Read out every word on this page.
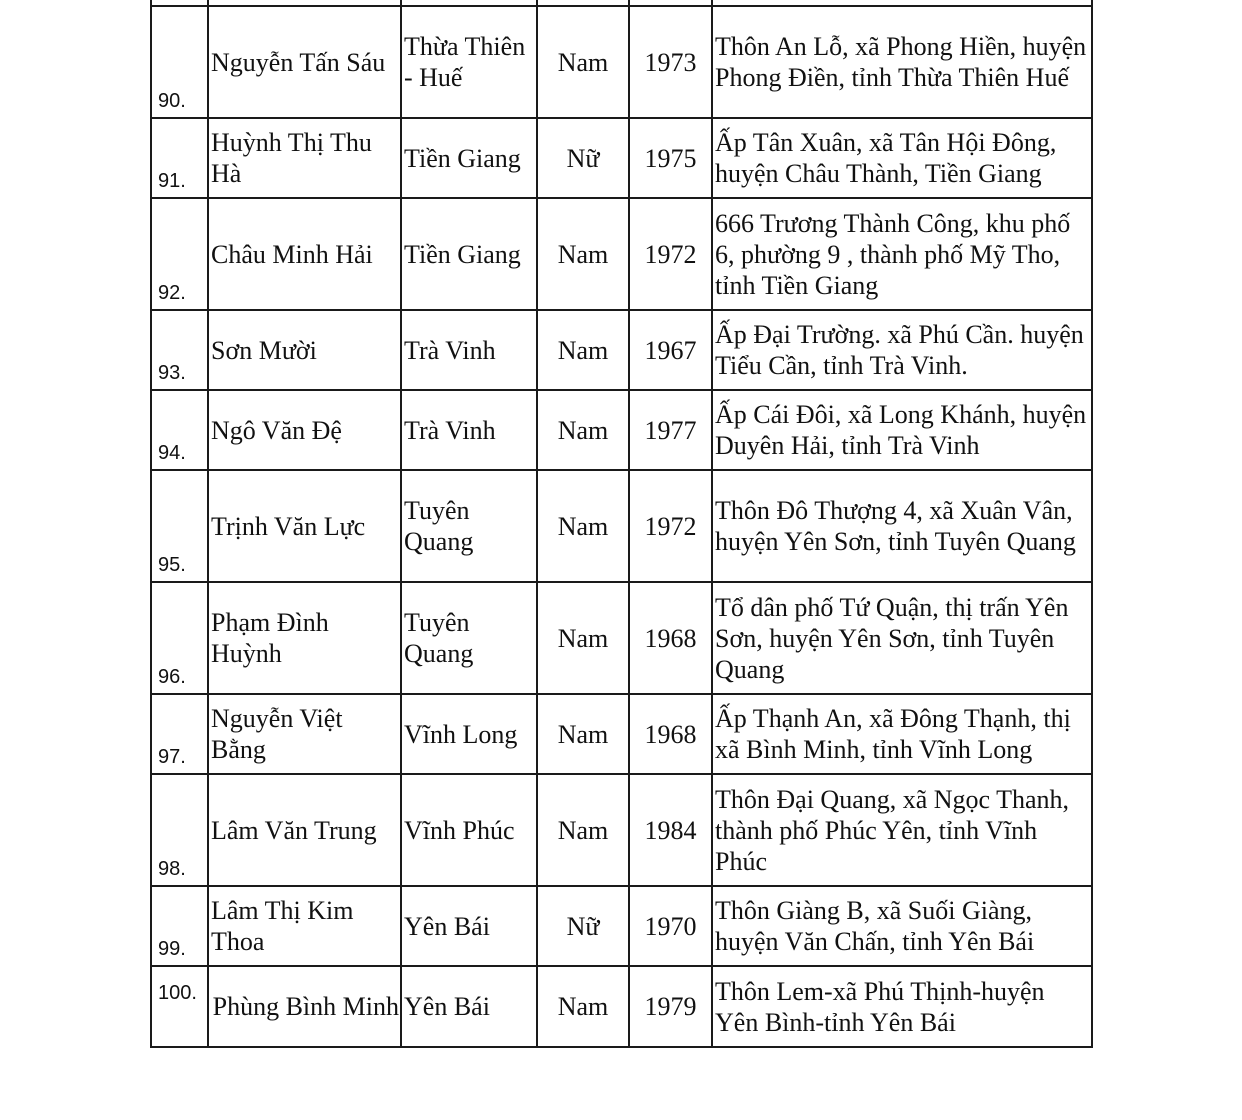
90.	Nguyễn Tấn Sáu	Thừa Thiên - Huế	Nam	1973	Thôn An Lỗ, xã Phong Hiền, huyện Phong Điền, tỉnh Thừa Thiên Huế
91.	Huỳnh Thị Thu Hà	Tiền Giang	Nữ	1975	Ấp Tân Xuân, xã Tân Hội Đông, huyện Châu Thành, Tiền Giang
92.	Châu Minh Hải	Tiền Giang	Nam	1972	666 Trương Thành Công, khu phố 6, phường 9 , thành phố Mỹ Tho, tỉnh Tiền Giang
93.	Sơn Mười	Trà Vinh	Nam	1967	Ấp Đại Trường. xã Phú Cần. huyện Tiểu Cần, tỉnh Trà Vinh.
94.	Ngô Văn Đệ	Trà Vinh	Nam	1977	Ấp Cái Đôi, xã Long Khánh, huyện Duyên Hải, tỉnh Trà Vinh
95.	Trịnh Văn Lực	Tuyên Quang	Nam	1972	Thôn Đô Thượng 4, xã Xuân Vân, huyện Yên Sơn, tỉnh Tuyên Quang
96.	Phạm Đình Huỳnh	Tuyên Quang	Nam	1968	Tổ dân phố Tứ Quận, thị trấn Yên Sơn, huyện Yên Sơn, tỉnh Tuyên Quang
97.	Nguyễn Việt Bằng	Vĩnh Long	Nam	1968	Ấp Thạnh An, xã Đông Thạnh, thị xã Bình Minh, tỉnh Vĩnh Long
98.	Lâm Văn Trung	Vĩnh Phúc	Nam	1984	Thôn Đại Quang, xã Ngọc Thanh, thành phố Phúc Yên, tỉnh Vĩnh Phúc
99.	Lâm Thị Kim Thoa	Yên Bái	Nữ	1970	Thôn Giàng B, xã Suối Giàng, huyện Văn Chấn, tỉnh Yên Bái
100.	Phùng Bình Minh	Yên Bái	Nam	1979	Thôn Lem-xã Phú Thịnh-huyện Yên Bình-tỉnh Yên Bái
